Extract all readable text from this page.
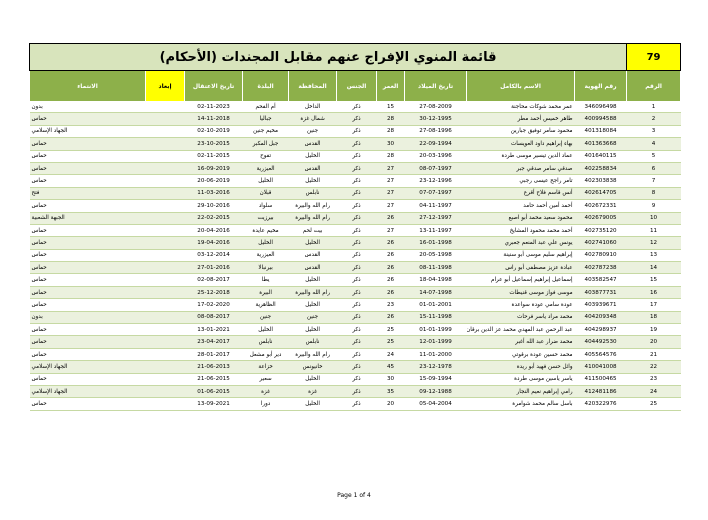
79	قائمة المنوي الإفراج عنهم مقابل المجندات (الأحكام)									
الرقم	رقم الهوية	الاسم بالكامل	تاريخ الميلاد	العمر	الجنس	المحافظة	البلدة	تاريخ الاعتقال	إبعاد	الانتماء
1	346096498	عمر محمد شوكات محاجنة	27-08-2009	15	ذكر	الداخل	أم الفحم	02-11-2023		بدون
2	400994588	طاهر خميس أحمد مطر	30-12-1995	28	ذكر	شمال غزة	جباليا	14-11-2018		حماس
3	401318084	محمود سامر توفيق جبارين	27-08-1996	28	ذكر	جنين	مخيم جنين	02-10-2019		الجهاد الإسلامي
4	401363668	بهاء إبراهيم داود العويسات	22-09-1994	30	ذكر	القدس	جبل المكبر	23-10-2015		حماس
5	401640115	عماد الدين تيسير موسى طردة	20-03-1996	28	ذكر	الخليل	تفوح	02-11-2015		حماس
6	402258834	صدقي سامر صدقي جبر	08-07-1997	27	ذكر	القدس	العيزرية	16-09-2019		حماس
7	402303838	تامر راجح عيسى رجبي	23-12-1996	27	ذكر	الخليل	الخليل	20-06-2019		حماس
8	402614705	أنس قاسم فلاح أقرع	07-07-1997	27	ذكر	نابلس	قبلان	11-03-2016		فتح
9	402672331	أحمد أمين أحمد حامد	04-11-1997	27	ذكر	رام الله والبيرة	سلواد	29-10-2016		حماس
10	402679005	محمود سعيد محمد أبو اصبع	27-12-1997	26	ذكر	رام الله والبيرة	بيرزيت	22-02-2015		الجبهة الشعبية
11	402735120	أحمد محمد محمود المشايخ	13-11-1997	27	ذكر	بيت لحم	مخيم عايدة	20-04-2016		حماس
12	402741060	يونس علي عبد المنعم جعبري	16-01-1998	26	ذكر	الخليل	الخليل	19-04-2016		حماس
13	402780910	إبراهيم سليم موسى أبو سنينة	20-05-1998	26	ذكر	القدس	العيزرية	03-12-2014		حماس
14	402787238	عبادة عزيز مصطفى أبو راس	08-11-1998	26	ذكر	القدس	بيرنبالا	27-01-2016		حماس
15	403582547	إسماعيل إبراهيم إسماعيل أبو عرام	18-04-1998	26	ذكر	الخليل	يطا	02-08-2017		حماس
16	403877731	موسى فواز موسى قنيطات	14-07-1998	26	ذكر	رام الله والبيرة	البيرة	25-12-2018		حماس
17	403939671	عودة سامي عودة سواعدة	01-01-2001	23	ذكر	الخليل	الظاهرية	17-02-2020		حماس
18	404209348	محمد مراد ياسر فرحات	15-11-1998	26	ذكر	جنين	جنين	08-08-2017		بدون
19	404298937	عبد الرحمن عبد المهدي محمد عز الدين برقان	01-01-1999	25	ذكر	الخليل	الخليل	13-01-2021		حماس
20	404492530	محمد ضرار عبد الله أغبر	12-01-1999	25	ذكر	نابلس	نابلس	23-04-2017		حماس
21	405564576	محمد حسين عودة برقوتي	11-01-2000	24	ذكر	رام الله والبيرة	دير أبو مشعل	28-01-2017		حماس
22	410041008	وائل حسن فهيد أبو ريدة	23-12-1978	45	ذكر	خانيونس	خزاعة	21-06-2013		الجهاد الإسلامي
23	411500465	ياسر ياسين موسى طردة	15-09-1994	30	ذكر	الخليل	سعير	21-06-2015		حماس
24	412481186	رامي إبراهيم نعيم النجار	09-12-1988	35	ذكر	غزة	غزة	01-06-2015		الجهاد الإسلامي
25	420322976	باسل سالم محمد شوامرة	05-04-2004	20	ذكر	الخليل	دورا	13-09-2021		حماس
Page 1 of 4
